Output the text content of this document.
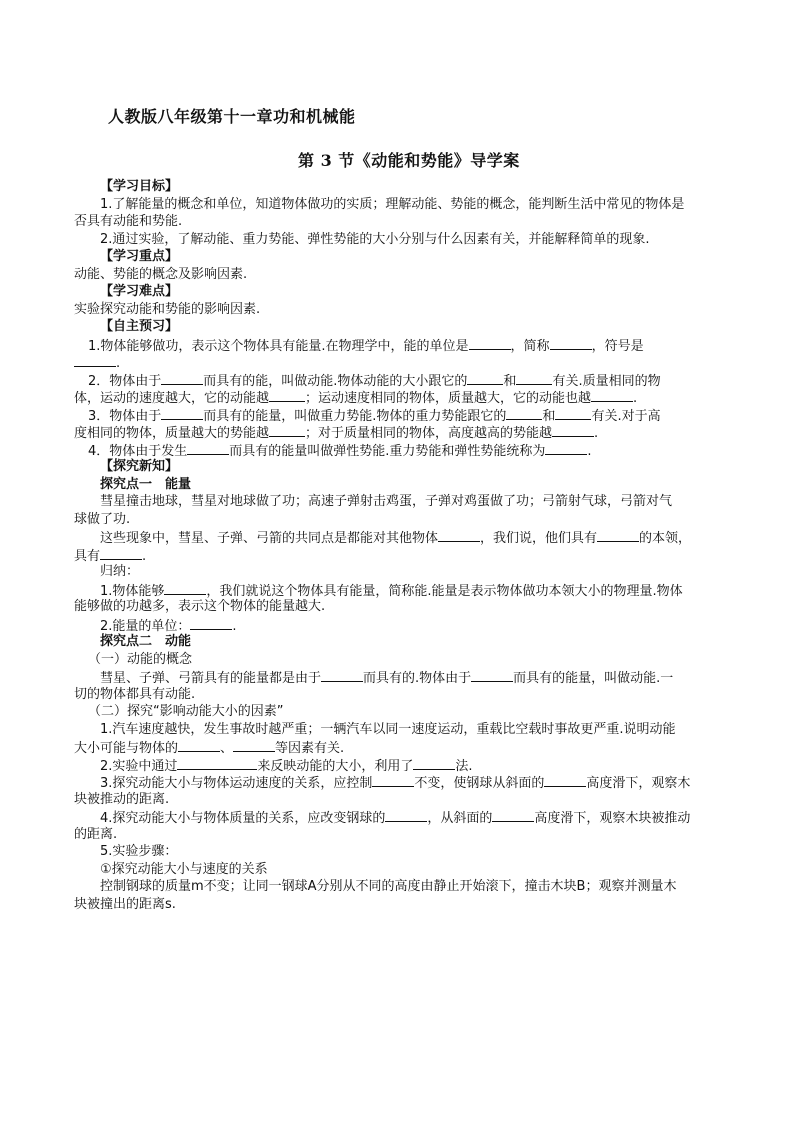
人教版八年级第十一章功和机械能
第 3 节《动能和势能》导学案
【学习目标】
1.了解能量的概念和单位，知道物体做功的实质；理解动能、势能的概念，能判断生活中常见的物体是
否具有动能和势能.
2.通过实验，了解动能、重力势能、弹性势能的大小分别与什么因素有关，并能解释简单的现象.
【学习重点】
动能、势能的概念及影响因素.
【学习难点】
实验探究动能和势能的影响因素.
【自主预习】
1.物体能够做功，表示这个物体具有能量.在物理学中，能的单位是	，简称	，符号是
.
2．物体由于	而具有的能，叫做动能.物体动能的大小跟它的	和	有关.质量相同的物
体，运动的速度越大，它的动能越	；运动速度相同的物体，质量越大，它的动能也越	.
3．物体由于	而具有的能量，叫做重力势能.物体的重力势能跟它的	和	有关.对于高
度相同的物体，质量越大的势能越	；对于质量相同的物体，高度越高的势能越	.
4．物体由于发生	而具有的能量叫做弹性势能.重力势能和弹性势能统称为	.
【探究新知】
探究点一　能量
彗星撞击地球，彗星对地球做了功；高速子弹射击鸡蛋，子弹对鸡蛋做了功；弓箭射气球，弓箭对气
球做了功.
这些现象中，彗星、子弹、弓箭的共同点是都能对其他物体	，我们说，他们具有	的本领，
具有	.
归纳：
1.物体能够	，我们就说这个物体具有能量，简称能.能量是表示物体做功本领大小的物理量.物体
能够做的功越多，表示这个物体的能量越大.
2.能量的单位：	.
探究点二　动能
（一）动能的概念
彗星、子弹、弓箭具有的能量都是由于	而具有的.物体由于	而具有的能量，叫做动能.一
切的物体都具有动能.
（二）探究“影响动能大小的因素”
1.汽车速度越快，发生事故时越严重；一辆汽车以同一速度运动，重载比空载时事故更严重.说明动能
大小可能与物体的	、	等因素有关.
2.实验中通过	来反映动能的大小，利用了	法.
3.探究动能大小与物体运动速度的关系，应控制	不变，使钢球从斜面的	高度滑下，观察木
块被推动的距离.
4.探究动能大小与物体质量的关系，应改变钢球的	，从斜面的	高度滑下，观察木块被推动
的距离.
5.实验步骤：
①探究动能大小与速度的关系
控制钢球的质量m不变；让同一钢球A分别从不同的高度由静止开始滚下，撞击木块B；观察并测量木
块被撞出的距离s.
